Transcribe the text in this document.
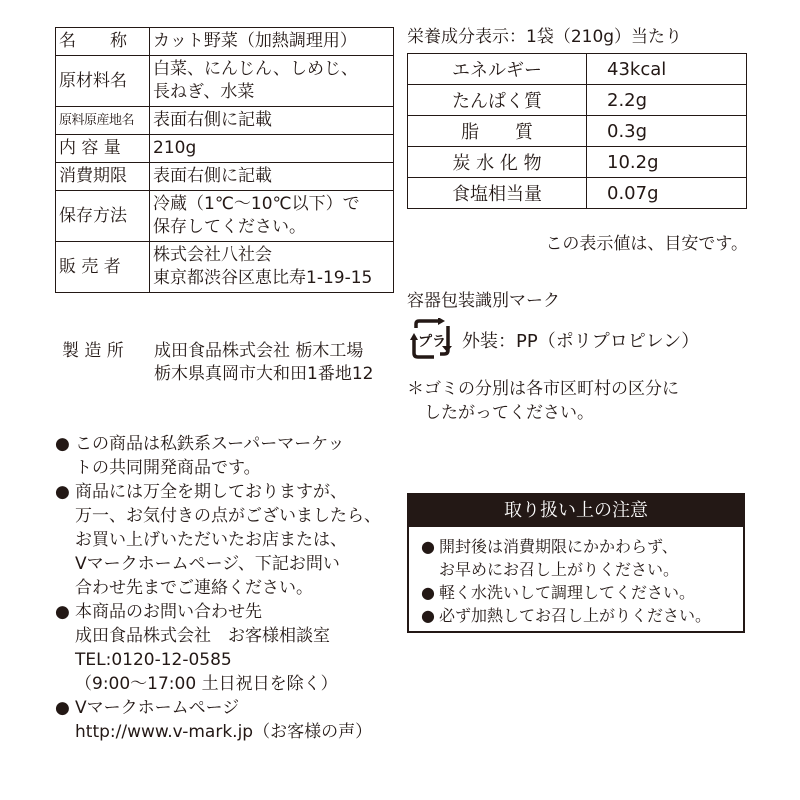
名　　称	カット野菜（加熱調理用）

原材料名	白菜、にんじん、しめじ、
長ねぎ、水菜
原料原産地名	表面右側に記載

内 容 量	210g

消費期限	表面右側に記載

保存方法	冷蔵（1℃〜10℃以下）で
保存してください。

販 売 者	株式会社八社会
東京都渋谷区恵比寿1-19-15
製 造 所	成田食品株式会社 栃木工場
栃木県真岡市大和田1番地12
栄養成分表示：1袋（210g）当たり
エネルギー	43kcal
たんぱく質	2.2g
脂　　質	0.3g
炭 水 化 物	10.2g
食塩相当量	0.07g
この表示値は、目安です。
容器包装識別マーク
プラ 外装：PP（ポリプロピレン）
＊ゴミの分別は各市区町村の区分に
　したがってください。
● この商品は私鉄系スーパーマーケッ
トの共同開発商品です。
● 商品には万全を期しておりますが、
万一、お気付きの点がございましたら、
お買い上げいただいたお店または、
Vマークホームページ、下記お問い
合わせ先までご連絡ください。
● 本商品のお問い合わせ先
成田食品株式会社　お客様相談室
TEL:0120-12-0585
（9:00〜17:00 土日祝日を除く）
● Vマークホームページ
http://www.v-mark.jp（お客様の声）
取り扱い上の注意
● 開封後は消費期限にかかわらず、
お早めにお召し上がりください。
● 軽く水洗いして調理してください。
● 必ず加熱してお召し上がりください。
